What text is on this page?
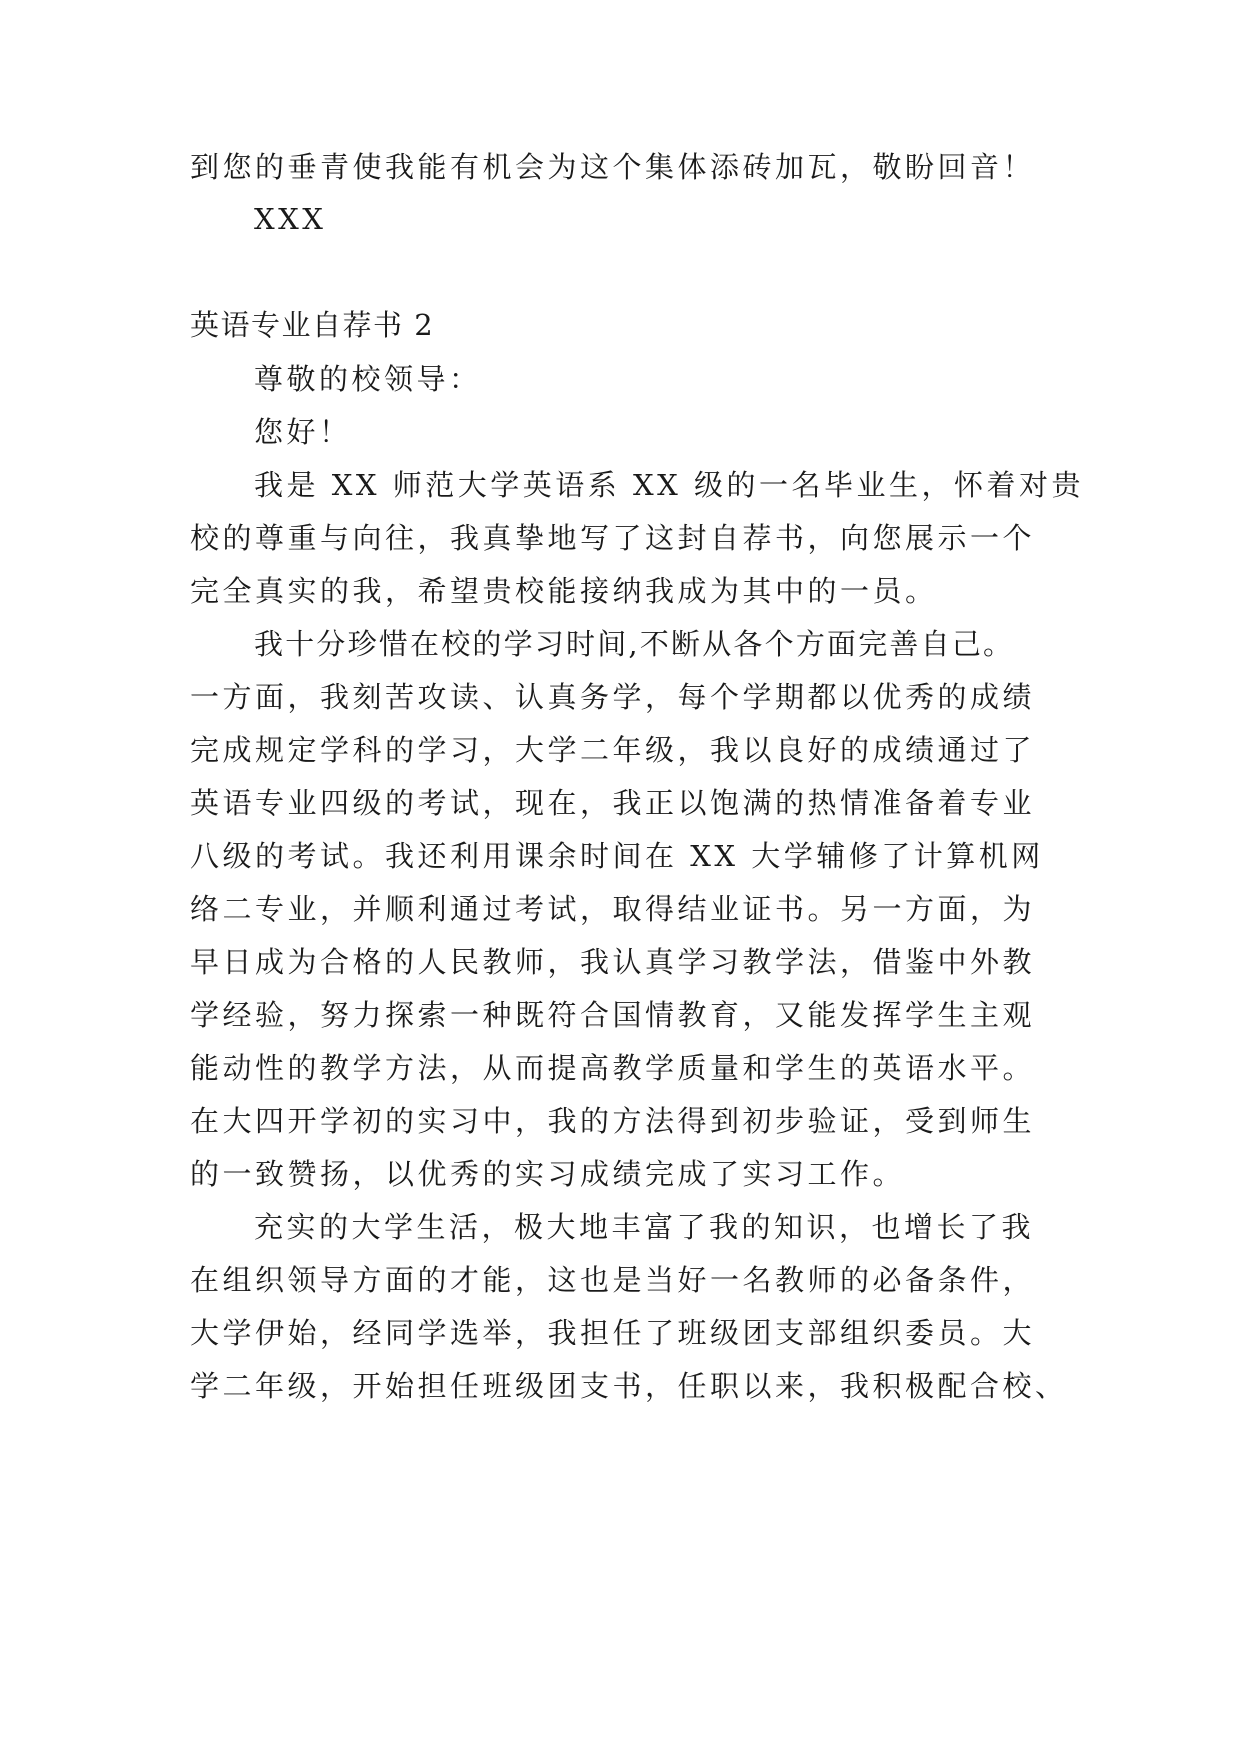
到您的垂青使我能有机会为这个集体添砖加瓦，敬盼回音！
XXX
英语专业自荐书 2
尊敬的校领导：
您好！
我是 XX 师范大学英语系 XX 级的一名毕业生，怀着对贵
校的尊重与向往，我真挚地写了这封自荐书，向您展示一个
完全真实的我，希望贵校能接纳我成为其中的一员。
我十分珍惜在校的学习时间,不断从各个方面完善自己。
一方面，我刻苦攻读、认真务学，每个学期都以优秀的成绩
完成规定学科的学习，大学二年级，我以良好的成绩通过了
英语专业四级的考试，现在，我正以饱满的热情准备着专业
八级的考试。我还利用课余时间在 XX 大学辅修了计算机网
络二专业，并顺利通过考试，取得结业证书。另一方面，为
早日成为合格的人民教师，我认真学习教学法，借鉴中外教
学经验，努力探索一种既符合国情教育，又能发挥学生主观
能动性的教学方法，从而提高教学质量和学生的英语水平。
在大四开学初的实习中，我的方法得到初步验证，受到师生
的一致赞扬，以优秀的实习成绩完成了实习工作。
充实的大学生活，极大地丰富了我的知识，也增长了我
在组织领导方面的才能，这也是当好一名教师的必备条件，
大学伊始，经同学选举，我担任了班级团支部组织委员。大
学二年级，开始担任班级团支书，任职以来，我积极配合校、
